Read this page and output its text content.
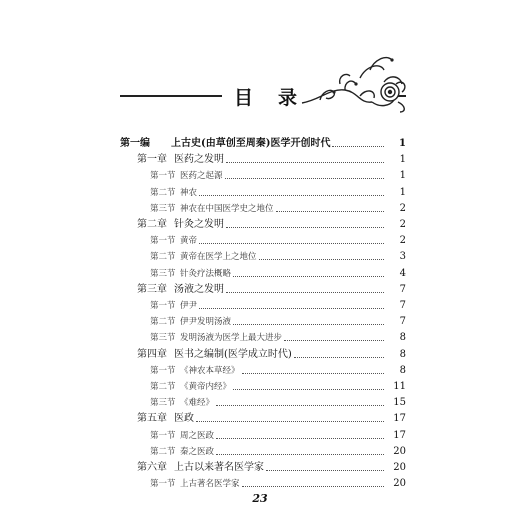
目 录
第一编 上古史(由草创至周秦)医学开创时代	1
第一章 医药之发明	1
第一节 医药之起源	1
第二节 神农	1
第三节 神农在中国医学史之地位	2
第二章 针灸之发明	2
第一节 黄帝	2
第二节 黄帝在医学上之地位	3
第三节 针灸疗法概略	4
第三章 汤液之发明	7
第一节 伊尹	7
第二节 伊尹发明汤液	7
第三节 发明汤液为医学上最大进步	8
第四章 医书之编制(医学成立时代)	8
第一节 《神农本草经》	8
第二节 《黄帝内经》	11
第三节 《难经》	15
第五章 医政	17
第一节 周之医政	17
第二节 秦之医政	20
第六章 上古以来著名医学家	20
第一节 上古著名医学家	20
23
